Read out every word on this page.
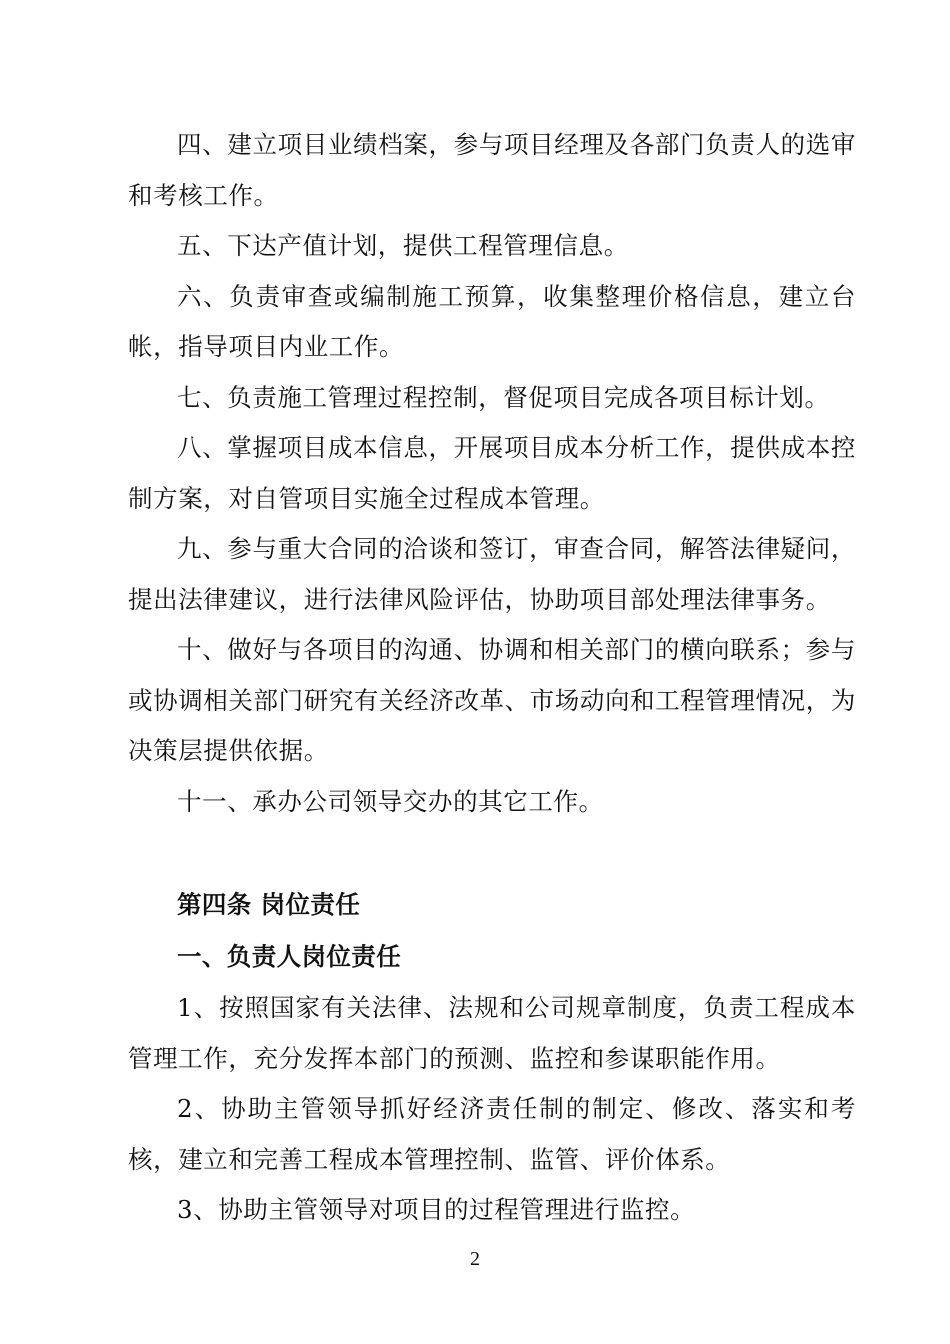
四、建立项目业绩档案，参与项目经理及各部门负责人的选审和考核工作。

五、下达产值计划，提供工程管理信息。

六、负责审查或编制施工预算，收集整理价格信息，建立台帐，指导项目内业工作。

七、负责施工管理过程控制，督促项目完成各项目标计划。

八、掌握项目成本信息，开展项目成本分析工作，提供成本控制方案，对自管项目实施全过程成本管理。

九、参与重大合同的洽谈和签订，审查合同，解答法律疑问，提出法律建议，进行法律风险评估，协助项目部处理法律事务。

十、做好与各项目的沟通、协调和相关部门的横向联系；参与或协调相关部门研究有关经济改革、市场动向和工程管理情况，为决策层提供依据。

十一、承办公司领导交办的其它工作。

第四条 岗位责任

一、负责人岗位责任

1、按照国家有关法律、法规和公司规章制度，负责工程成本管理工作，充分发挥本部门的预测、监控和参谋职能作用。

2、协助主管领导抓好经济责任制的制定、修改、落实和考核，建立和完善工程成本管理控制、监管、评价体系。

3、协助主管领导对项目的过程管理进行监控。

2
